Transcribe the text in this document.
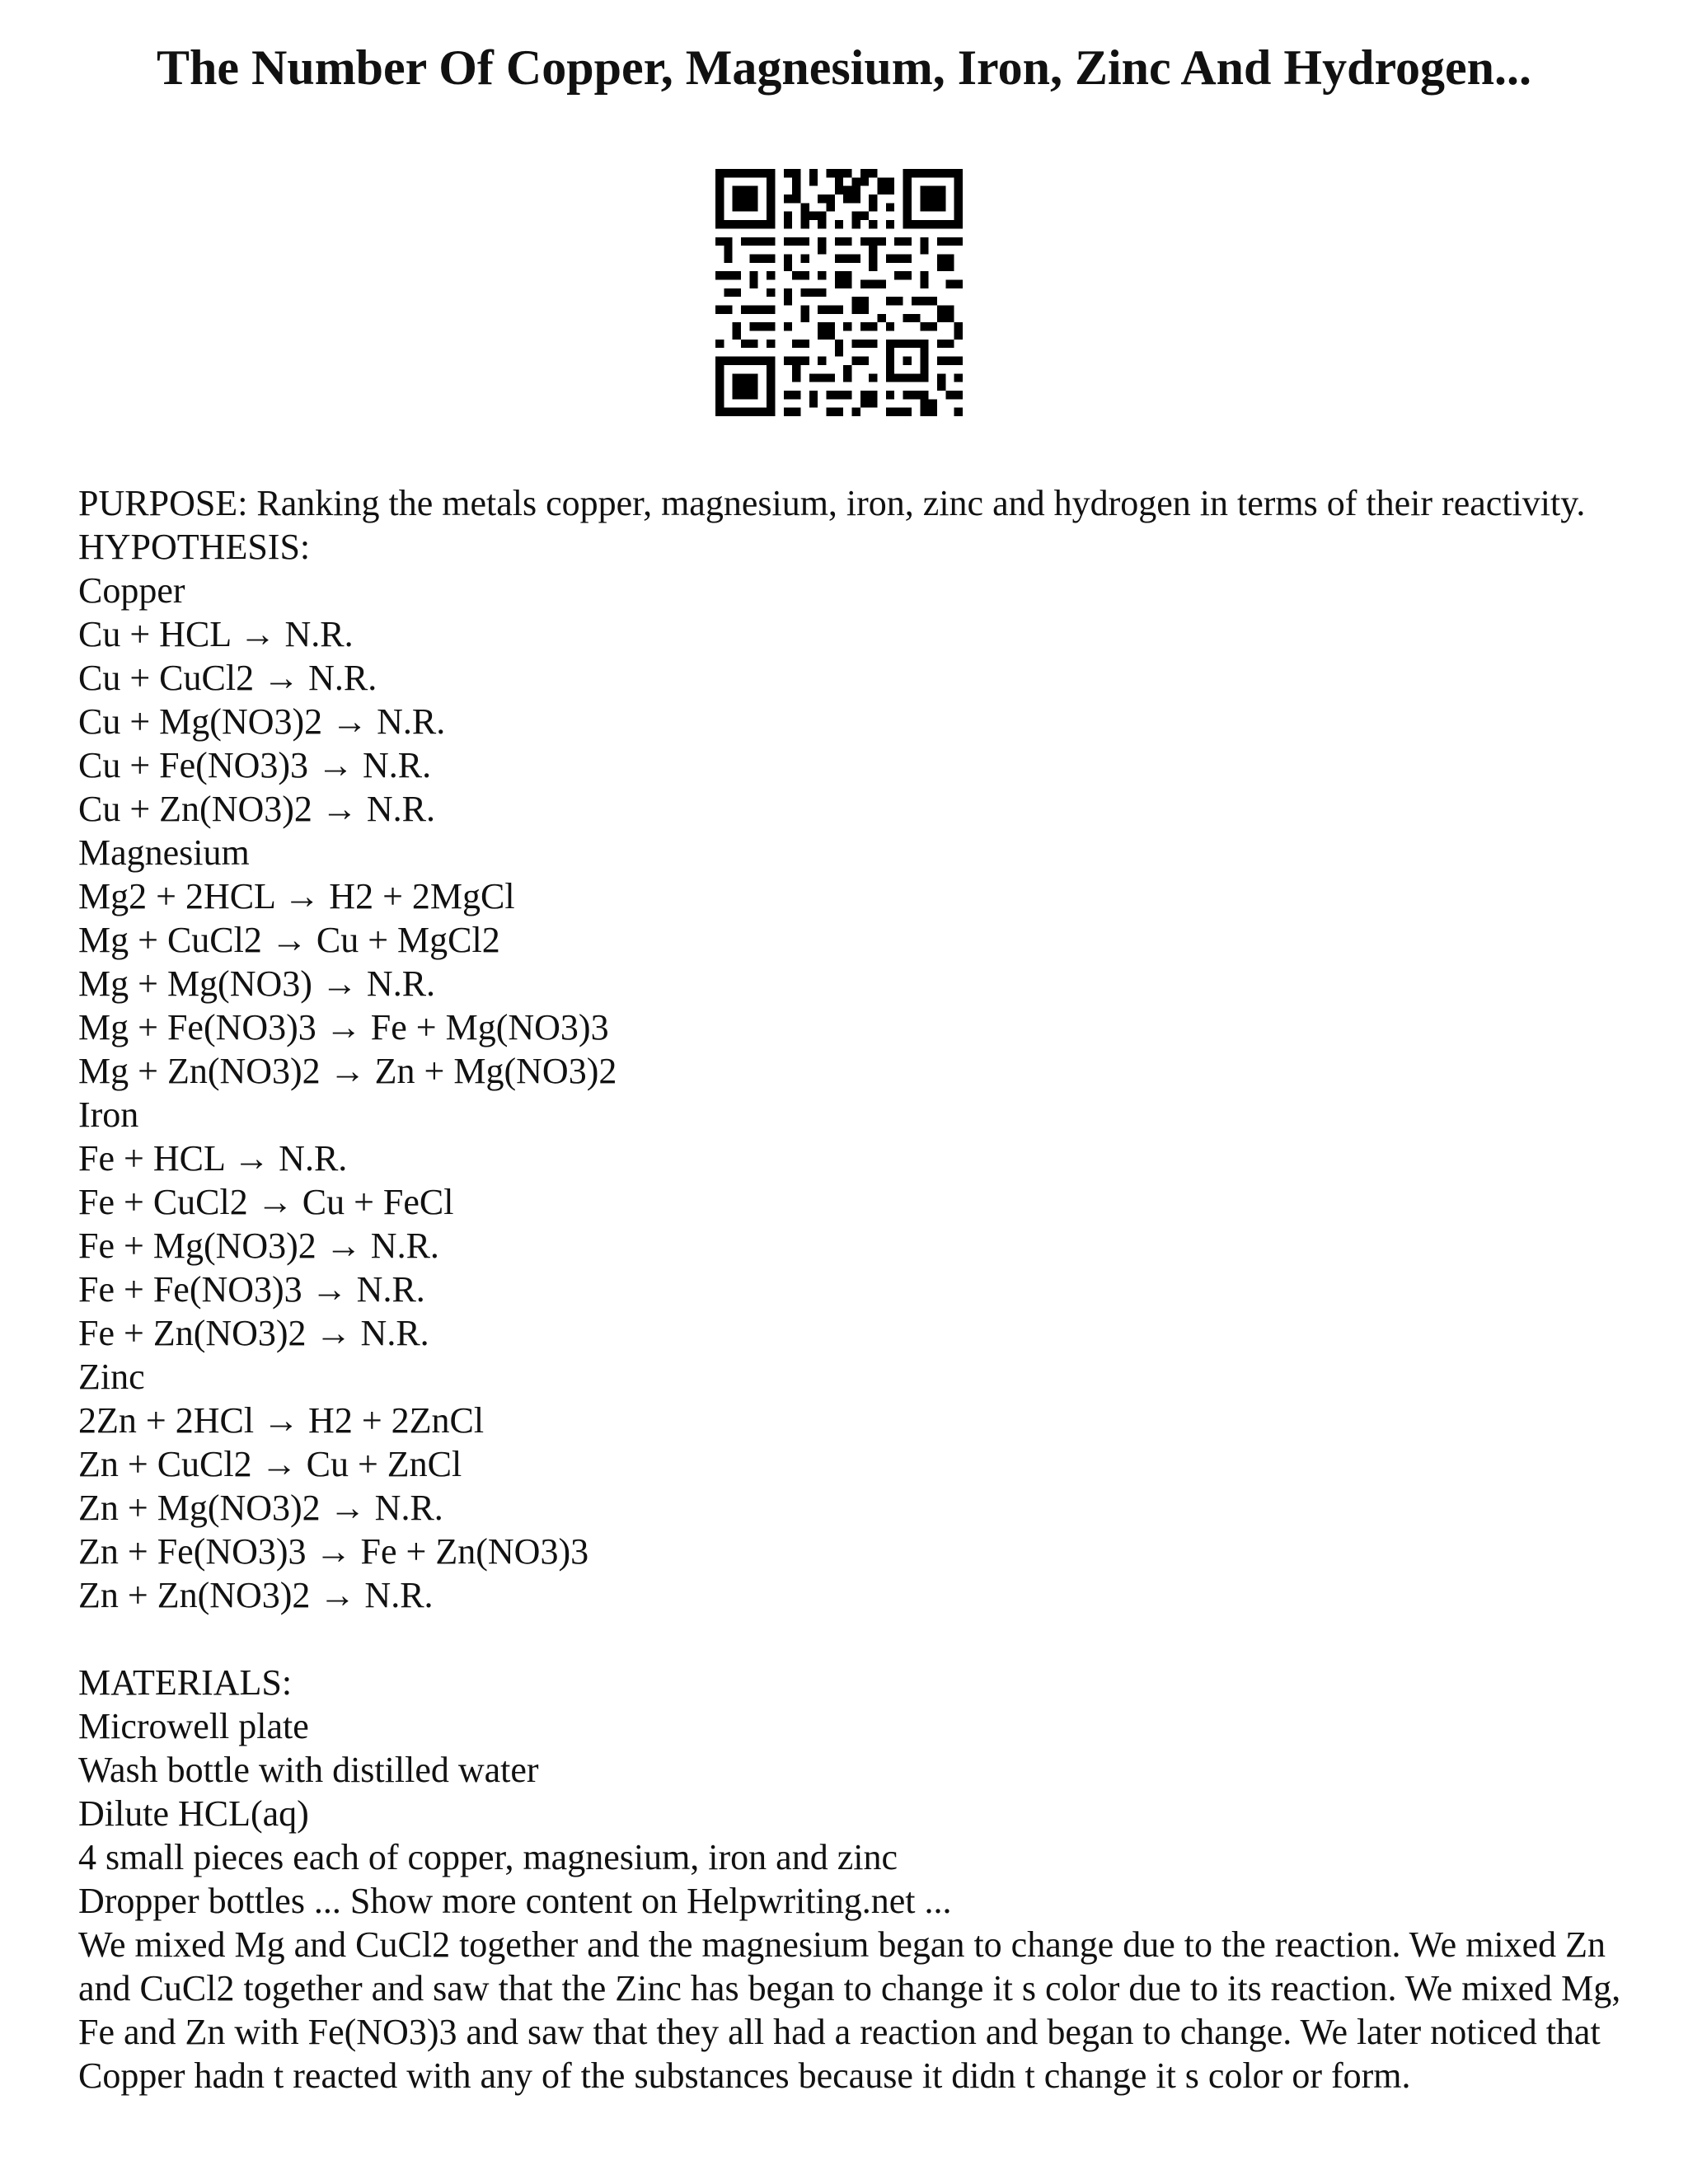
The Number Of Copper, Magnesium, Iron, Zinc And Hydrogen...
PURPOSE: Ranking the metals copper, magnesium, iron, zinc and hydrogen in terms of their reactivity.
HYPOTHESIS:
Copper
Cu + HCL → N.R.
Cu + CuCl2 → N.R.
Cu + Mg(NO3)2 → N.R.
Cu + Fe(NO3)3 → N.R.
Cu + Zn(NO3)2 → N.R.
Magnesium
Mg2 + 2HCL → H2 + 2MgCl
Mg + CuCl2 → Cu + MgCl2
Mg + Mg(NO3) → N.R.
Mg + Fe(NO3)3 → Fe + Mg(NO3)3
Mg + Zn(NO3)2 → Zn + Mg(NO3)2
Iron
Fe + HCL → N.R.
Fe + CuCl2 → Cu + FeCl
Fe + Mg(NO3)2 → N.R.
Fe + Fe(NO3)3 → N.R.
Fe + Zn(NO3)2 → N.R.
Zinc
2Zn + 2HCl → H2 + 2ZnCl
Zn + CuCl2 → Cu + ZnCl
Zn + Mg(NO3)2 → N.R.
Zn + Fe(NO3)3 → Fe + Zn(NO3)3
Zn + Zn(NO3)2 → N.R.
MATERIALS:
Microwell plate
Wash bottle with distilled water
Dilute HCL(aq)
4 small pieces each of copper, magnesium, iron and zinc
Dropper bottles ... Show more content on Helpwriting.net ...
We mixed Mg and CuCl2 together and the magnesium began to change due to the reaction. We mixed Zn and CuCl2 together and saw that the Zinc has began to change it s color due to its reaction. We mixed Mg, Fe and Zn with Fe(NO3)3 and saw that they all had a reaction and began to change. We later noticed that Copper hadn t reacted with any of the substances because it didn t change it s color or form.
